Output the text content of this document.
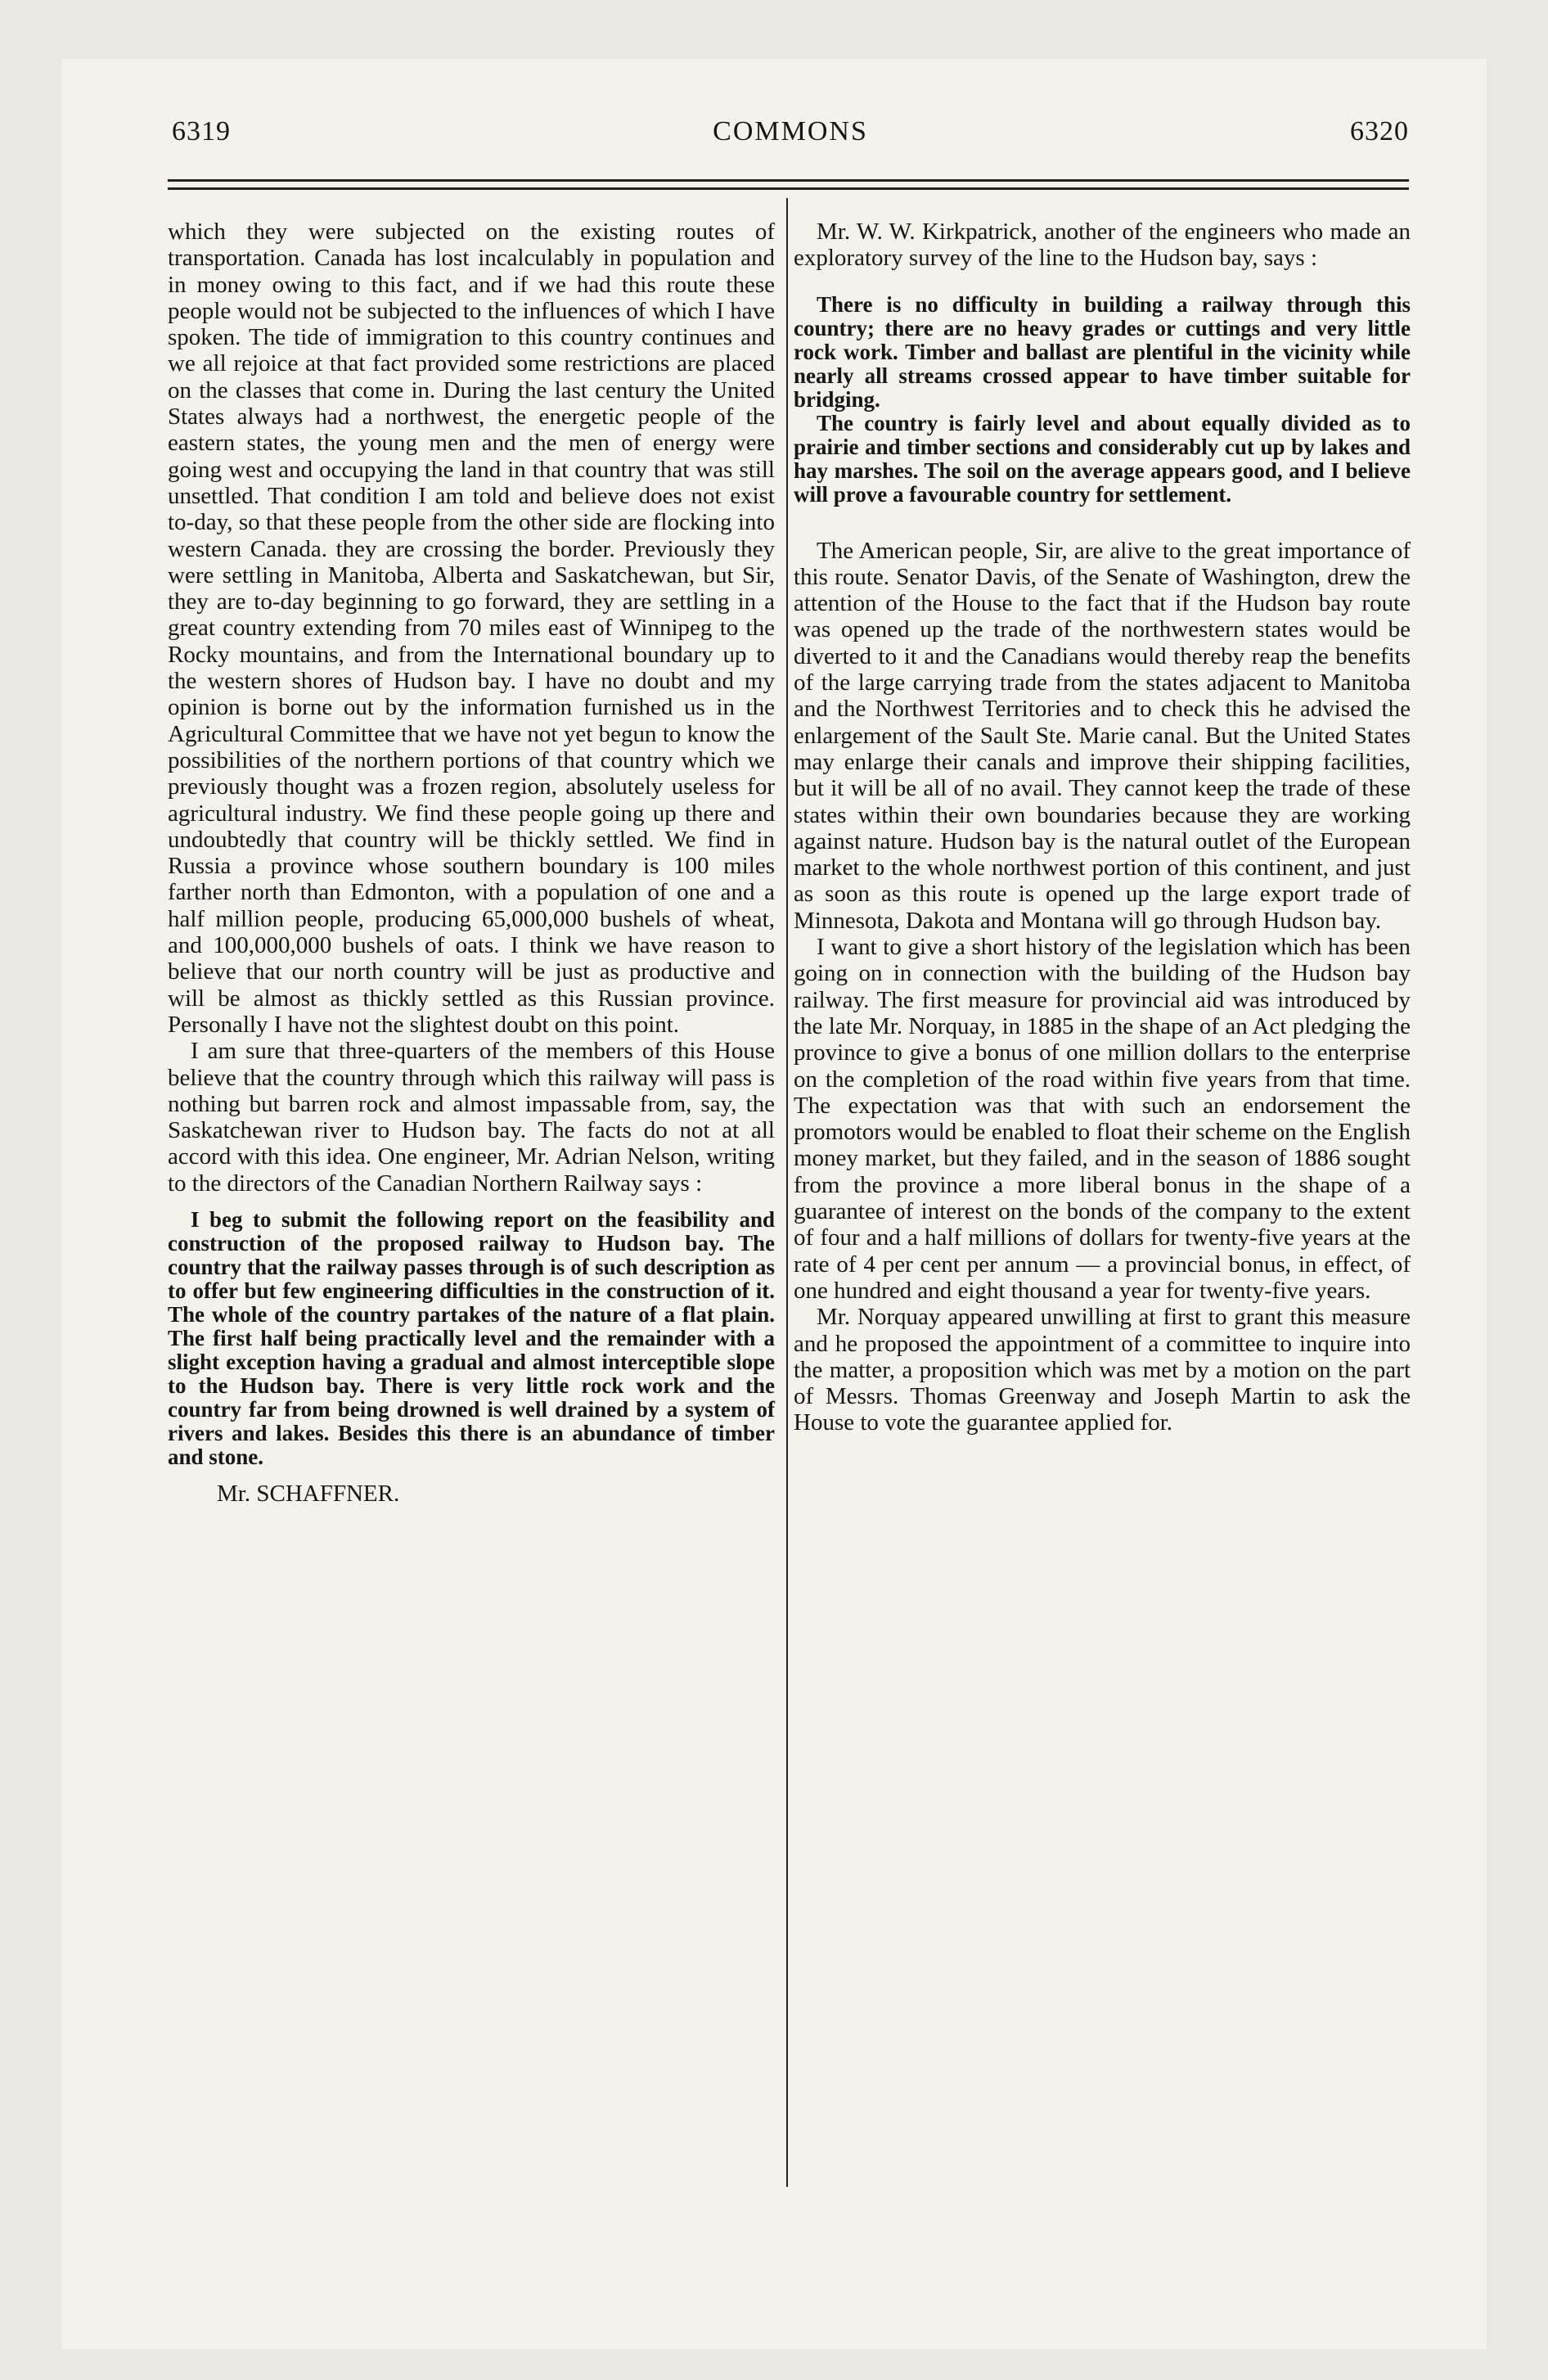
COMMONS
6319	6320

which they were subjected on the existing routes of transportation. Canada has lost incalculably in population and in money owing to this fact, and if we had this route these people would not be subjected to the influences of which I have spoken. The tide of immigration to this country continues and we all rejoice at that fact provided some restrictions are placed on the classes that come in. During the last century the United States always had a northwest, the energetic people of the eastern states, the young men and the men of energy were going west and occupying the land in that country that was still unsettled. That condition I am told and believe does not exist to-day, so that these people from the other side are flocking into western Canada. they are crossing the border. Previously they were settling in Manitoba, Alberta and Saskatchewan, but Sir, they are to-day beginning to go forward, they are settling in a great country extending from 70 miles east of Winnipeg to the Rocky mountains, and from the International boundary up to the western shores of Hudson bay. I have no doubt and my opinion is borne out by the information furnished us in the Agricultural Committee that we have not yet begun to know the possibilities of the northern portions of that country which we previously thought was a frozen region, absolutely useless for agricultural industry. We find these people going up there and undoubtedly that country will be thickly settled. We find in Russia a province whose southern boundary is 100 miles farther north than Edmonton, with a population of one and a half million people, producing 65,000,000 bushels of wheat, and 100,000,000 bushels of oats. I think we have reason to believe that our north country will be just as productive and will be almost as thickly settled as this Russian province. Personally I have not the slightest doubt on this point.

I am sure that three-quarters of the members of this House believe that the country through which this railway will pass is nothing but barren rock and almost impassable from, say, the Saskatchewan river to Hudson bay. The facts do not at all accord with this idea. One engineer, Mr. Adrian Nelson, writing to the directors of the Canadian Northern Railway says :

I beg to submit the following report on the feasibility and construction of the proposed railway to Hudson bay. The country that the railway passes through is of such description as to offer but few engineering difficulties in the construction of it. The whole of the country partakes of the nature of a flat plain. The first half being practically level and the remainder with a slight exception having a gradual and almost interceptible slope to the Hudson bay. There is very little rock work and the country far from being drowned is well drained by a system of rivers and lakes. Besides this there is an abundance of timber and stone.

Mr. SCHAFFNER.

Mr. W. W. Kirkpatrick, another of the engineers who made an exploratory survey of the line to the Hudson bay, says :

There is no difficulty in building a railway through this country; there are no heavy grades or cuttings and very little rock work. Timber and ballast are plentiful in the vicinity while nearly all streams crossed appear to have timber suitable for bridging.

The country is fairly level and about equally divided as to prairie and timber sections and considerably cut up by lakes and hay marshes. The soil on the average appears good, and I believe will prove a favourable country for settlement.

The American people, Sir, are alive to the great importance of this route. Senator Davis, of the Senate of Washington, drew the attention of the House to the fact that if the Hudson bay route was opened up the trade of the northwestern states would be diverted to it and the Canadians would thereby reap the benefits of the large carrying trade from the states adjacent to Manitoba and the Northwest Territories and to check this he advised the enlargement of the Sault Ste. Marie canal. But the United States may enlarge their canals and improve their shipping facilities, but it will be all of no avail. They cannot keep the trade of these states within their own boundaries because they are working against nature. Hudson bay is the natural outlet of the European market to the whole northwest portion of this continent, and just as soon as this route is opened up the large export trade of Minnesota, Dakota and Montana will go through Hudson bay.

I want to give a short history of the legislation which has been going on in connection with the building of the Hudson bay railway. The first measure for provincial aid was introduced by the late Mr. Norquay, in 1885 in the shape of an Act pledging the province to give a bonus of one million dollars to the enterprise on the completion of the road within five years from that time. The expectation was that with such an endorsement the promotors would be enabled to float their scheme on the English money market, but they failed, and in the season of 1886 sought from the province a more liberal bonus in the shape of a guarantee of interest on the bonds of the company to the extent of four and a half millions of dollars for twenty-five years at the rate of 4 per cent per annum — a provincial bonus, in effect, of one hundred and eight thousand a year for twenty-five years.

Mr. Norquay appeared unwilling at first to grant this measure and he proposed the appointment of a committee to inquire into the matter, a proposition which was met by a motion on the part of Messrs. Thomas Greenway and Joseph Martin to ask the House to vote the guarantee applied for.
